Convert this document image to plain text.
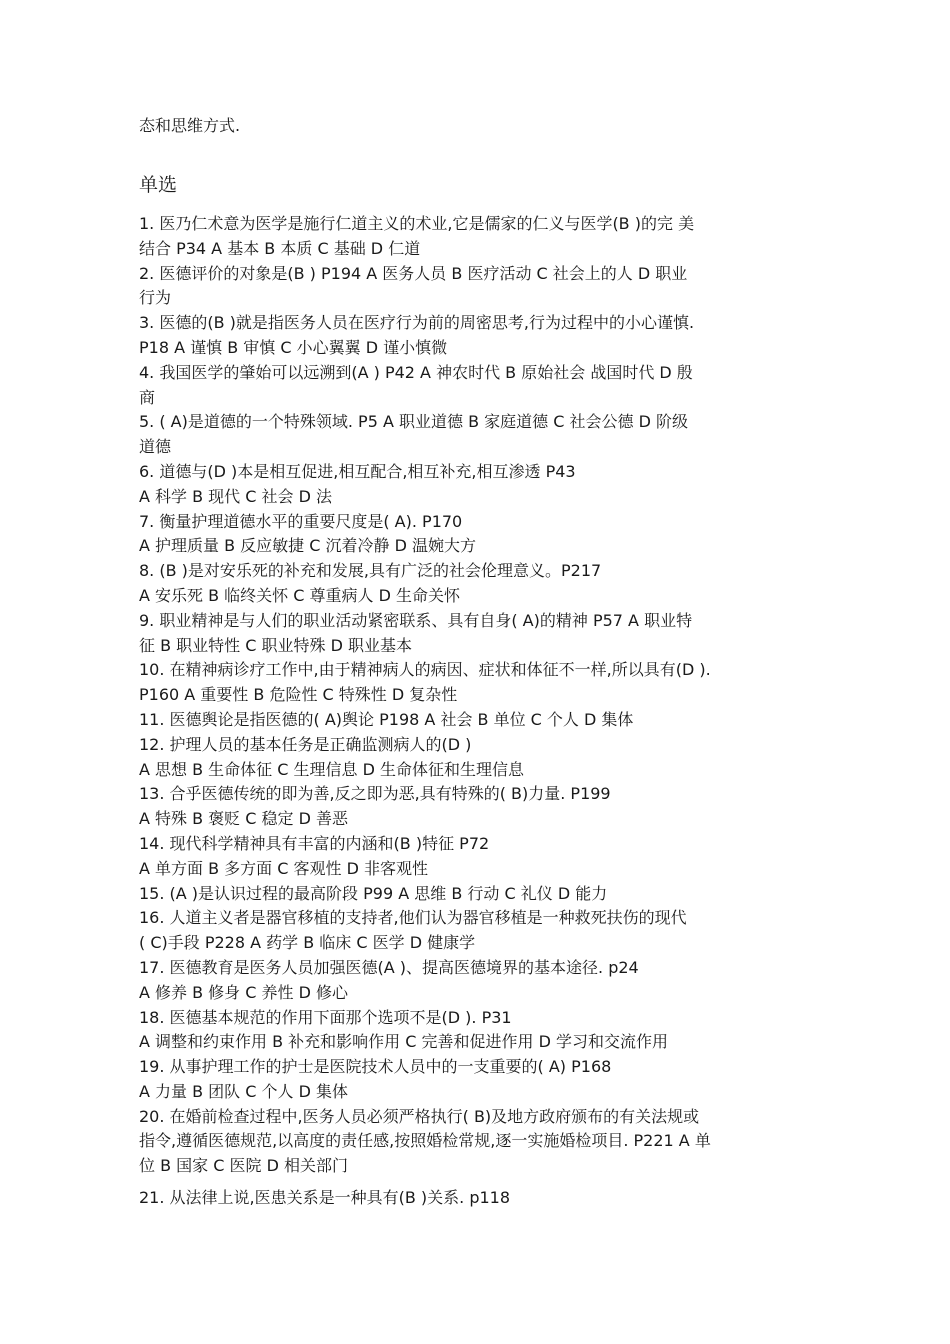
态和思维方式.
单选
1. 医乃仁术意为医学是施行仁道主义的术业,它是儒家的仁义与医学(B )的完 美
结合 P34 A 基本 B 本质 C 基础 D 仁道
2. 医德评价的对象是(B ) P194 A 医务人员 B 医疗活动 C 社会上的人 D 职业
行为
3. 医德的(B )就是指医务人员在医疗行为前的周密思考,行为过程中的小心谨慎.
P18 A 谨慎 B 审慎 C 小心翼翼 D 谨小慎微
4. 我国医学的肇始可以远溯到(A ) P42 A 神农时代 B 原始社会 战国时代 D 殷
商
5. ( A)是道德的一个特殊领域. P5 A 职业道德 B 家庭道德 C 社会公德 D 阶级
道德
6. 道德与(D )本是相互促进,相互配合,相互补充,相互渗透 P43
A 科学 B 现代 C 社会 D 法
7. 衡量护理道德水平的重要尺度是( A). P170
A 护理质量 B 反应敏捷 C 沉着冷静 D 温婉大方
8. (B )是对安乐死的补充和发展,具有广泛的社会伦理意义。P217
A 安乐死 B 临终关怀 C 尊重病人 D 生命关怀
9. 职业精神是与人们的职业活动紧密联系、具有自身( A)的精神 P57 A 职业特
征 B 职业特性 C 职业特殊 D 职业基本
10. 在精神病诊疗工作中,由于精神病人的病因、症状和体征不一样,所以具有(D ).
P160 A 重要性 B 危险性 C 特殊性 D 复杂性
11. 医德舆论是指医德的( A)舆论 P198 A 社会 B 单位 C 个人 D 集体
12. 护理人员的基本任务是正确监测病人的(D )
A 思想 B 生命体征 C 生理信息 D 生命体征和生理信息
13. 合乎医德传统的即为善,反之即为恶,具有特殊的( B)力量. P199
A 特殊 B 褒贬 C 稳定 D 善恶
14. 现代科学精神具有丰富的内涵和(B )特征 P72
A 单方面 B 多方面 C 客观性 D 非客观性
15. (A )是认识过程的最高阶段 P99 A 思维 B 行动 C 礼仪 D 能力
16. 人道主义者是器官移植的支持者,他们认为器官移植是一种救死扶伤的现代
( C)手段 P228 A 药学 B 临床 C 医学 D 健康学
17. 医德教育是医务人员加强医德(A )、提高医德境界的基本途径. p24
A 修养 B 修身 C 养性 D 修心
18. 医德基本规范的作用下面那个选项不是(D ). P31
A 调整和约束作用 B 补充和影响作用 C 完善和促进作用 D 学习和交流作用
19. 从事护理工作的护士是医院技术人员中的一支重要的( A) P168
A 力量 B 团队 C 个人 D 集体
20. 在婚前检查过程中,医务人员必须严格执行( B)及地方政府颁布的有关法规或
指令,遵循医德规范,以高度的责任感,按照婚检常规,逐一实施婚检项目. P221 A 单
位 B 国家 C 医院 D 相关部门
21. 从法律上说,医患关系是一种具有(B )关系. p118
